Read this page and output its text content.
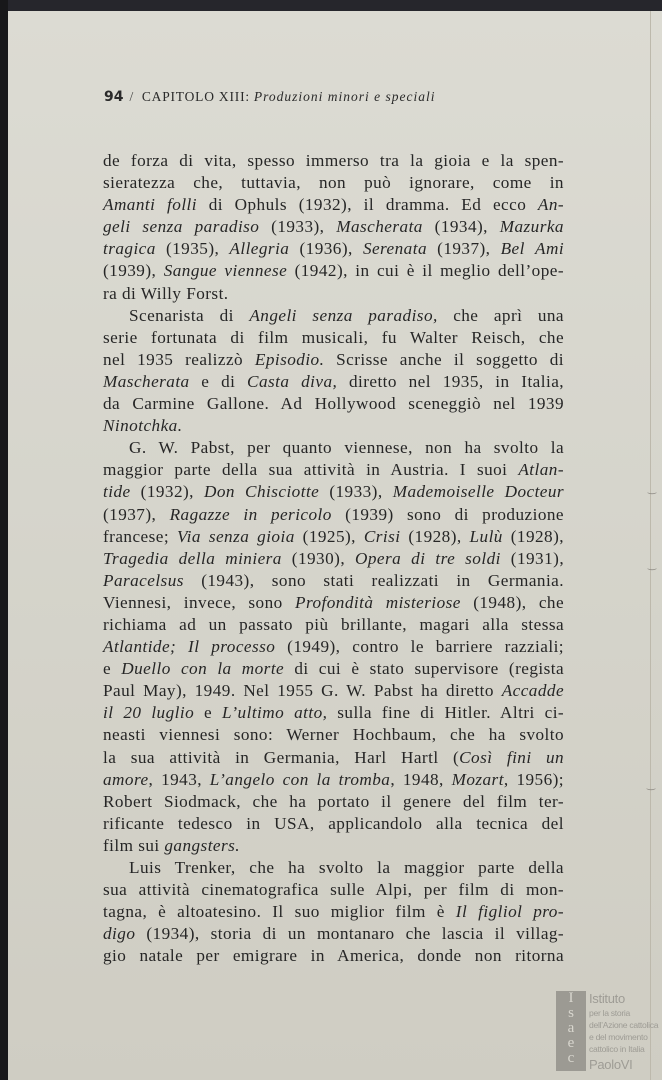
94 / CAPITOLO XIII: Produzioni minori e speciali
de forza di vita, spesso immerso tra la gioia e la spen-
sieratezza che, tuttavia, non può ignorare, come in
Amanti folli di Ophuls (1932), il dramma. Ed ecco An-
geli senza paradiso (1933), Mascherata (1934), Mazurka
tragica (1935), Allegria (1936), Serenata (1937), Bel Ami
(1939), Sangue viennese (1942), in cui è il meglio dell’ope-
ra di Willy Forst.
Scenarista di Angeli senza paradiso, che aprì una
serie fortunata di film musicali, fu Walter Reisch, che
nel 1935 realizzò Episodio. Scrisse anche il soggetto di
Mascherata e di Casta diva, diretto nel 1935, in Italia,
da Carmine Gallone. Ad Hollywood sceneggiò nel 1939
Ninotchka.
G. W. Pabst, per quanto viennese, non ha svolto la
maggior parte della sua attività in Austria. I suoi Atlan-
tide (1932), Don Chisciotte (1933), Mademoiselle Docteur
(1937), Ragazze in pericolo (1939) sono di produzione
francese; Via senza gioia (1925), Crisi (1928), Lulù (1928),
Tragedia della miniera (1930), Opera di tre soldi (1931),
Paracelsus (1943), sono stati realizzati in Germania.
Viennesi, invece, sono Profondità misteriose (1948), che
richiama ad un passato più brillante, magari alla stessa
Atlantide; Il processo (1949), contro le barriere razziali;
e Duello con la morte di cui è stato supervisore (regista
Paul May), 1949. Nel 1955 G. W. Pabst ha diretto Accadde
il 20 luglio e L’ultimo atto, sulla fine di Hitler. Altri ci-
neasti viennesi sono: Werner Hochbaum, che ha svolto
la sua attività in Germania, Harl Hartl (Così fini un
amore, 1943, L’angelo con la tromba, 1948, Mozart, 1956);
Robert Siodmack, che ha portato il genere del film ter-
rificante tedesco in USA, applicandolo alla tecnica del
film sui gangsters.
Luis Trenker, che ha svolto la maggior parte della
sua attività cinematografica sulle Alpi, per film di mon-
tagna, è altoatesino. Il suo miglior film è Il figliol pro-
digo (1934), storia di un montanaro che lascia il villag-
gio natale per emigrare in America, donde non ritorna
‿
‿
‿
I
s
a
e
c
Istituto
per la storia
dell’Azione cattolica
e del movimento
cattolico in Italia
PaoloVI
